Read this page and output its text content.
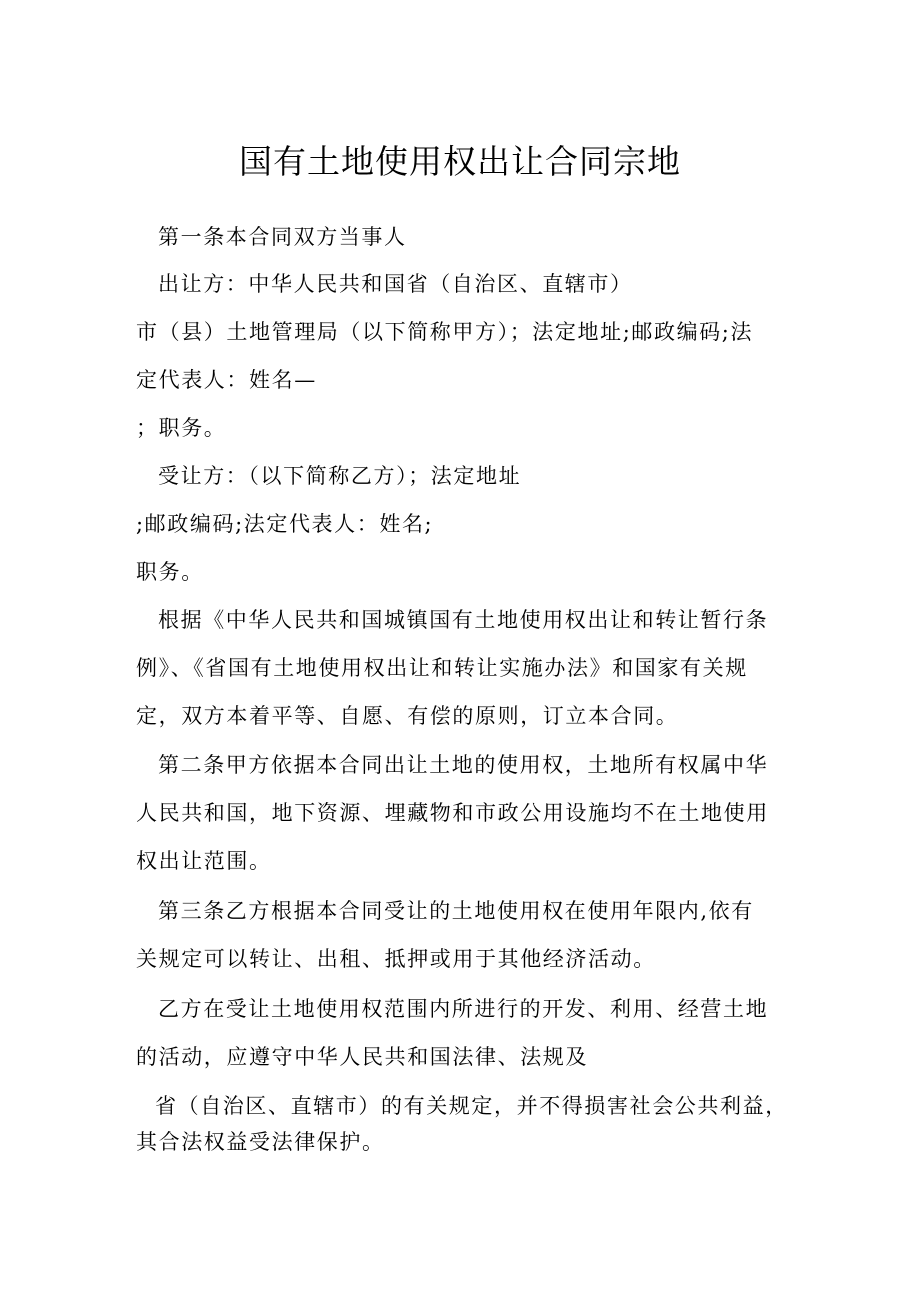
国有土地使用权出让合同宗地
第一条本合同双方当事人
出让方：中华人民共和国省（自治区、直辖市）
市（县）土地管理局（以下简称甲方）；法定地址;邮政编码;法
定代表人：姓名—
；职务。
受让方：（以下简称乙方）；法定地址
;邮政编码;法定代表人：姓名;
职务。
根据《中华人民共和国城镇国有土地使用权出让和转让暂行条
例》、《省国有土地使用权出让和转让实施办法》和国家有关规
定，双方本着平等、自愿、有偿的原则，订立本合同。
第二条甲方依据本合同出让土地的使用权，土地所有权属中华
人民共和国，地下资源、埋藏物和市政公用设施均不在土地使用
权出让范围。
第三条乙方根据本合同受让的土地使用权在使用年限内,依有
关规定可以转让、出租、抵押或用于其他经济活动。
乙方在受让土地使用权范围内所进行的开发、利用、经营土地
的活动，应遵守中华人民共和国法律、法规及
省（自治区、直辖市）的有关规定，并不得损害社会公共利益，
其合法权益受法律保护。
